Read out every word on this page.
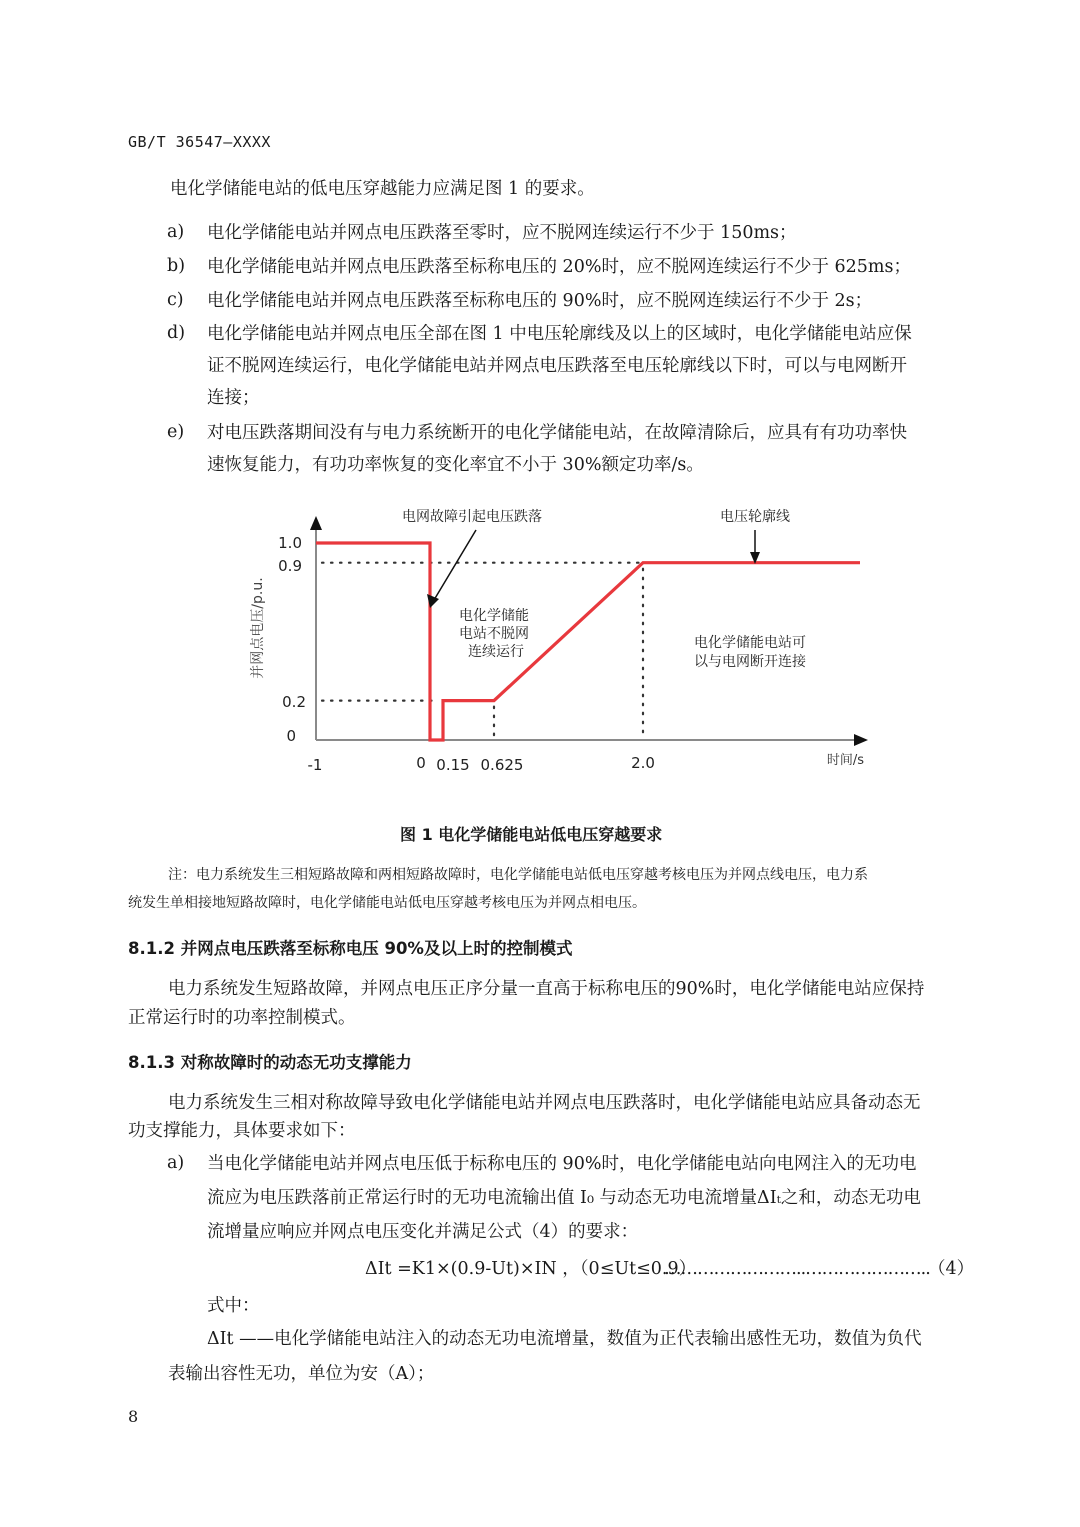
GB/T 36547—XXXX
电化学储能电站的低电压穿越能力应满足图 1 的要求。
a) 电化学储能电站并网点电压跌落至零时，应不脱网连续运行不少于 150ms；
b) 电化学储能电站并网点电压跌落至标称电压的 20%时，应不脱网连续运行不少于 625ms；
c) 电化学储能电站并网点电压跌落至标称电压的 90%时，应不脱网连续运行不少于 2s；
d) 电化学储能电站并网点电压全部在图 1 中电压轮廓线及以上的区域时，电化学储能电站应保
证不脱网连续运行，电化学储能电站并网点电压跌落至电压轮廓线以下时，可以与电网断开
连接；
e) 对电压跌落期间没有与电力系统断开的电化学储能电站，在故障清除后，应具有有功功率快
速恢复能力，有功功率恢复的变化率宜不小于 30%额定功率/s。
1.0
0.9
0.2
0
-1	0 0.15 0.625	2.0	时间/s
并网点电压/p.u.
电网故障引起电压跌落	电压轮廓线
电化学储能
电站不脱网
连续运行
电化学储能电站可
以与电网断开连接
图 1 电化学储能电站低电压穿越要求
注：电力系统发生三相短路故障和两相短路故障时，电化学储能电站低电压穿越考核电压为并网点线电压，电力系
统发生单相接地短路故障时，电化学储能电站低电压穿越考核电压为并网点相电压。
8.1.2 并网点电压跌落至标称电压 90%及以上时的控制模式
电力系统发生短路故障，并网点电压正序分量一直高于标称电压的90%时，电化学储能电站应保持
正常运行时的功率控制模式。
8.1.3 对称故障时的动态无功支撑能力
电力系统发生三相对称故障导致电化学储能电站并网点电压跌落时，电化学储能电站应具备动态无
功支撑能力，具体要求如下：
a) 当电化学储能电站并网点电压低于标称电压的 90%时，电化学储能电站向电网注入的无功电
流应为电压跌落前正常运行时的无功电流输出值 I₀ 与动态无功电流增量ΔIₜ之和，动态无功电
流增量应响应并网点电压变化并满足公式（4）的要求：
ΔIt =K1×(0.9-Ut)×IN ，（0≤Ut≤0.9）
……………………..…………………..
（4）
式中：
ΔIt ——电化学储能电站注入的动态无功电流增量，数值为正代表输出感性无功，数值为负代
表输出容性无功，单位为安（A）；
8
